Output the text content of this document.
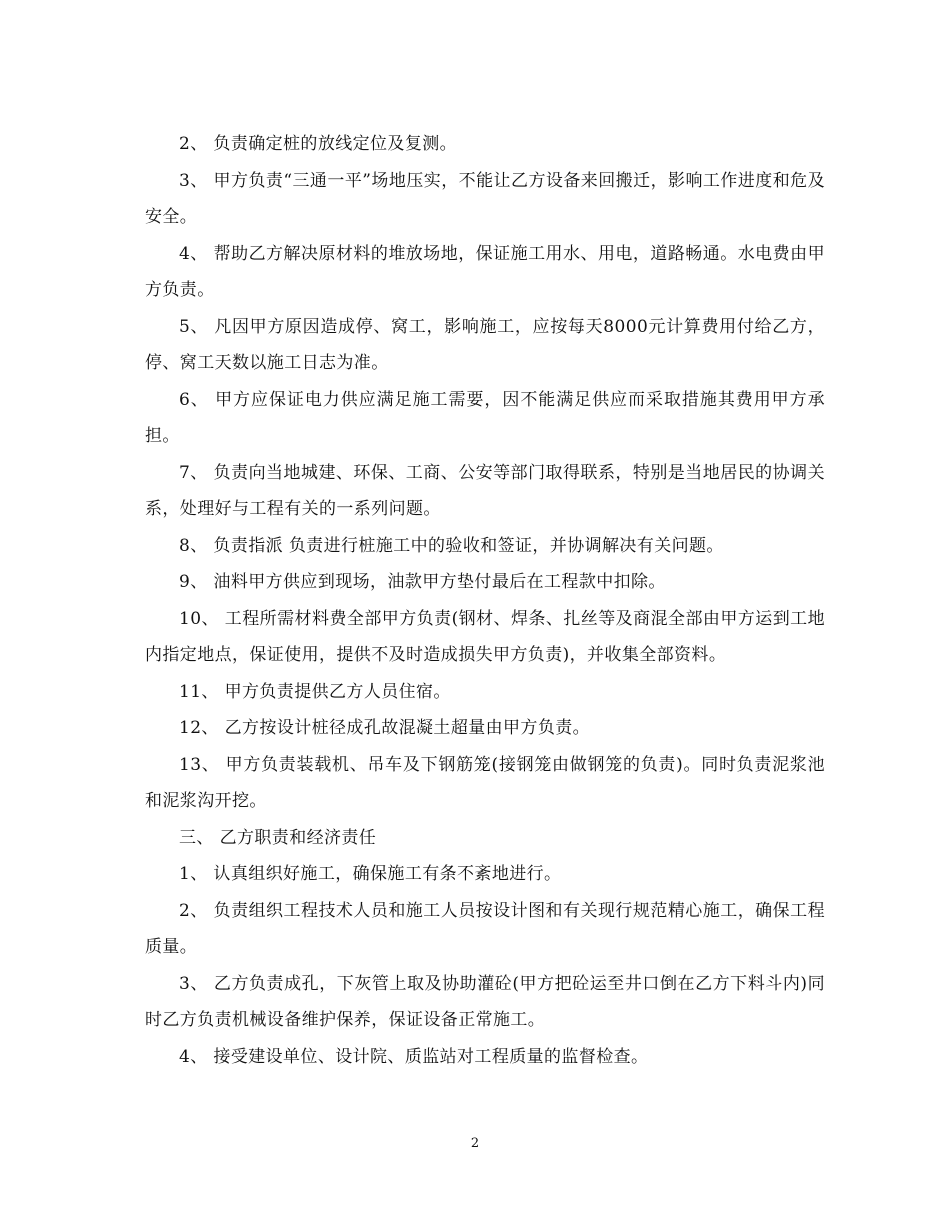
2、 负责确定桩的放线定位及复测。

3、 甲方负责“三通一平”场地压实，不能让乙方设备来回搬迁，影响工作进度和危及安全。

4、 帮助乙方解决原材料的堆放场地，保证施工用水、用电，道路畅通。水电费由甲方负责。

5、 凡因甲方原因造成停、窝工，影响施工，应按每天8000元计算费用付给乙方，停、窝工天数以施工日志为准。

6、 甲方应保证电力供应满足施工需要，因不能满足供应而采取措施其费用甲方承担。

7、 负责向当地城建、环保、工商、公安等部门取得联系，特别是当地居民的协调关系，处理好与工程有关的一系列问题。

8、 负责指派 负责进行桩施工中的验收和签证，并协调解决有关问题。

9、 油料甲方供应到现场，油款甲方垫付最后在工程款中扣除。

10、 工程所需材料费全部甲方负责(钢材、焊条、扎丝等及商混全部由甲方运到工地内指定地点，保证使用，提供不及时造成损失甲方负责)，并收集全部资料。

11、 甲方负责提供乙方人员住宿。

12、 乙方按设计桩径成孔故混凝土超量由甲方负责。

13、 甲方负责装载机、吊车及下钢筋笼(接钢笼由做钢笼的负责)。同时负责泥浆池和泥浆沟开挖。

三、 乙方职责和经济责任

1、 认真组织好施工，确保施工有条不紊地进行。

2、 负责组织工程技术人员和施工人员按设计图和有关现行规范精心施工，确保工程质量。

3、 乙方负责成孔，下灰管上取及协助灌砼(甲方把砼运至井口倒在乙方下料斗内)同时乙方负责机械设备维护保养，保证设备正常施工。

4、 接受建设单位、设计院、质监站对工程质量的监督检查。

2
